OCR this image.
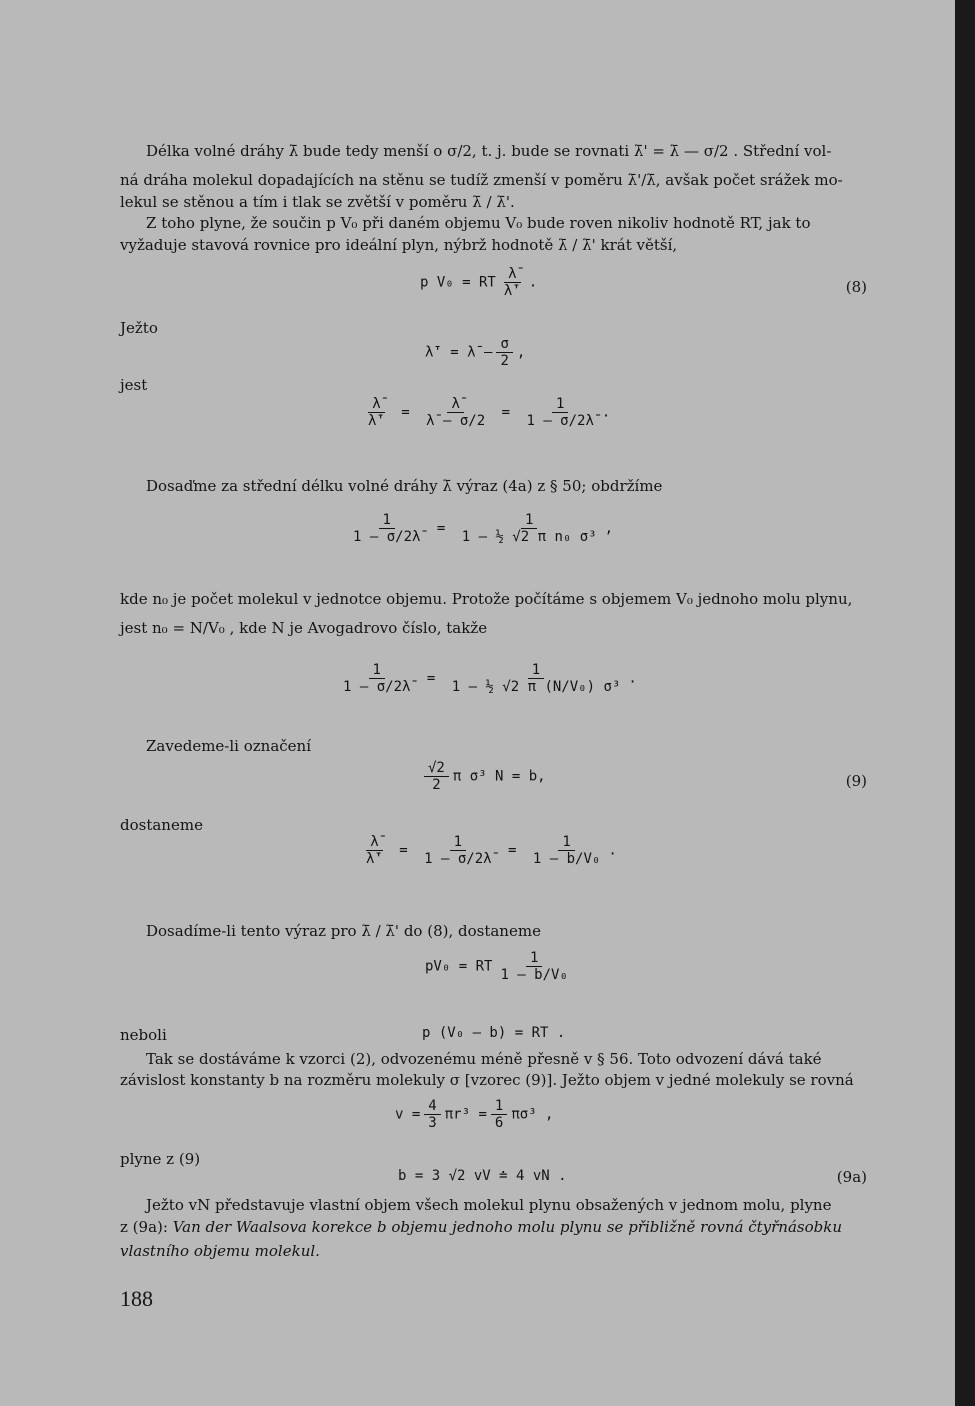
Délka volné dráhy λ̄ bude tedy menší o σ/2, t. j. bude se rovnati λ̄' = λ̄ — σ/2 . Střední vol-
ná dráha molekul dopadajících na stěnu se tudíž zmenší v poměru λ̄'/λ̄, avšak počet srážek mo-
lekul se stěnou a tím i tlak se zvětší v poměru λ̄ / λ̄'.
Z toho plyne, že součin p V₀ při daném objemu V₀ bude roven nikoliv hodnotě RT, jak to
vyžaduje stavová rovnice pro ideální plyn, nýbrž hodnotě λ̄ / λ̄' krát větší,
p V₀ = RT $\frac{\lambdā}{\lambdā'}$ .	(8)
Ježto
λ̄' = λ̄ — $\frac{\sigma}{2}$ ,
jest
$\frac{\lambdā}{\lambdā'} = \frac{\lambdā}{\lambdā — \sigma/2} = \frac{1}{1 — \sigma/2\lambdā}$ .
Dosaďme za střední délku volné dráhy λ̄ výraz (4a) z § 50; obdržíme
$\frac{1}{1 — \sigma/2\lambdā} = \frac{1}{\text{1 — ½ √2 π n₀ σ³}}$ ,
kde n₀ je počet molekul v jednotce objemu. Protože počítáme s objemem V₀ jednoho molu plynu,
jest n₀ = N/V₀ , kde N je Avogadrovo číslo, takže
$\frac{1}{1 — \sigma/2\lambdā} = \frac{1}{\text{1 — ½ √2 π (N/V₀) σ³}}$ .
Zavedeme-li označení
$\frac{√2}{2}$ π σ³ N = b,	(9)
dostaneme
$\frac{\lambdā}{\lambdā'} = \frac{1}{1 — \sigma/2\lambdā} = \frac{1}{\text{1 — b/V₀}}$ .
Dosadíme-li tento výraz pro λ̄ / λ̄' do (8), dostaneme
pV₀ = RT $\frac{1}{\text{1 — b/V₀}}$
neboli	p (V₀ — b) = RT .
Tak se dostáváme k vzorci (2), odvozenému méně přesně v § 56. Toto odvození dává také
závislost konstanty b na rozměru molekuly σ [vzorec (9)]. Ježto objem v jedné molekuly se rovná
$v = \frac{4}{3} \pi r^3 = \frac{1}{6} \pi\sigma^3$ ,
plyne z (9)
b = 3 √2 vV ≐ 4 vN .	(9a)
Ježto vN představuje vlastní objem všech molekul plynu obsažených v jednom molu, plyne
z (9a): Van der Waalsova korekce b objemu jednoho molu plynu se přibližně rovná čtyřnásobku
vlastního objemu molekul.
188
